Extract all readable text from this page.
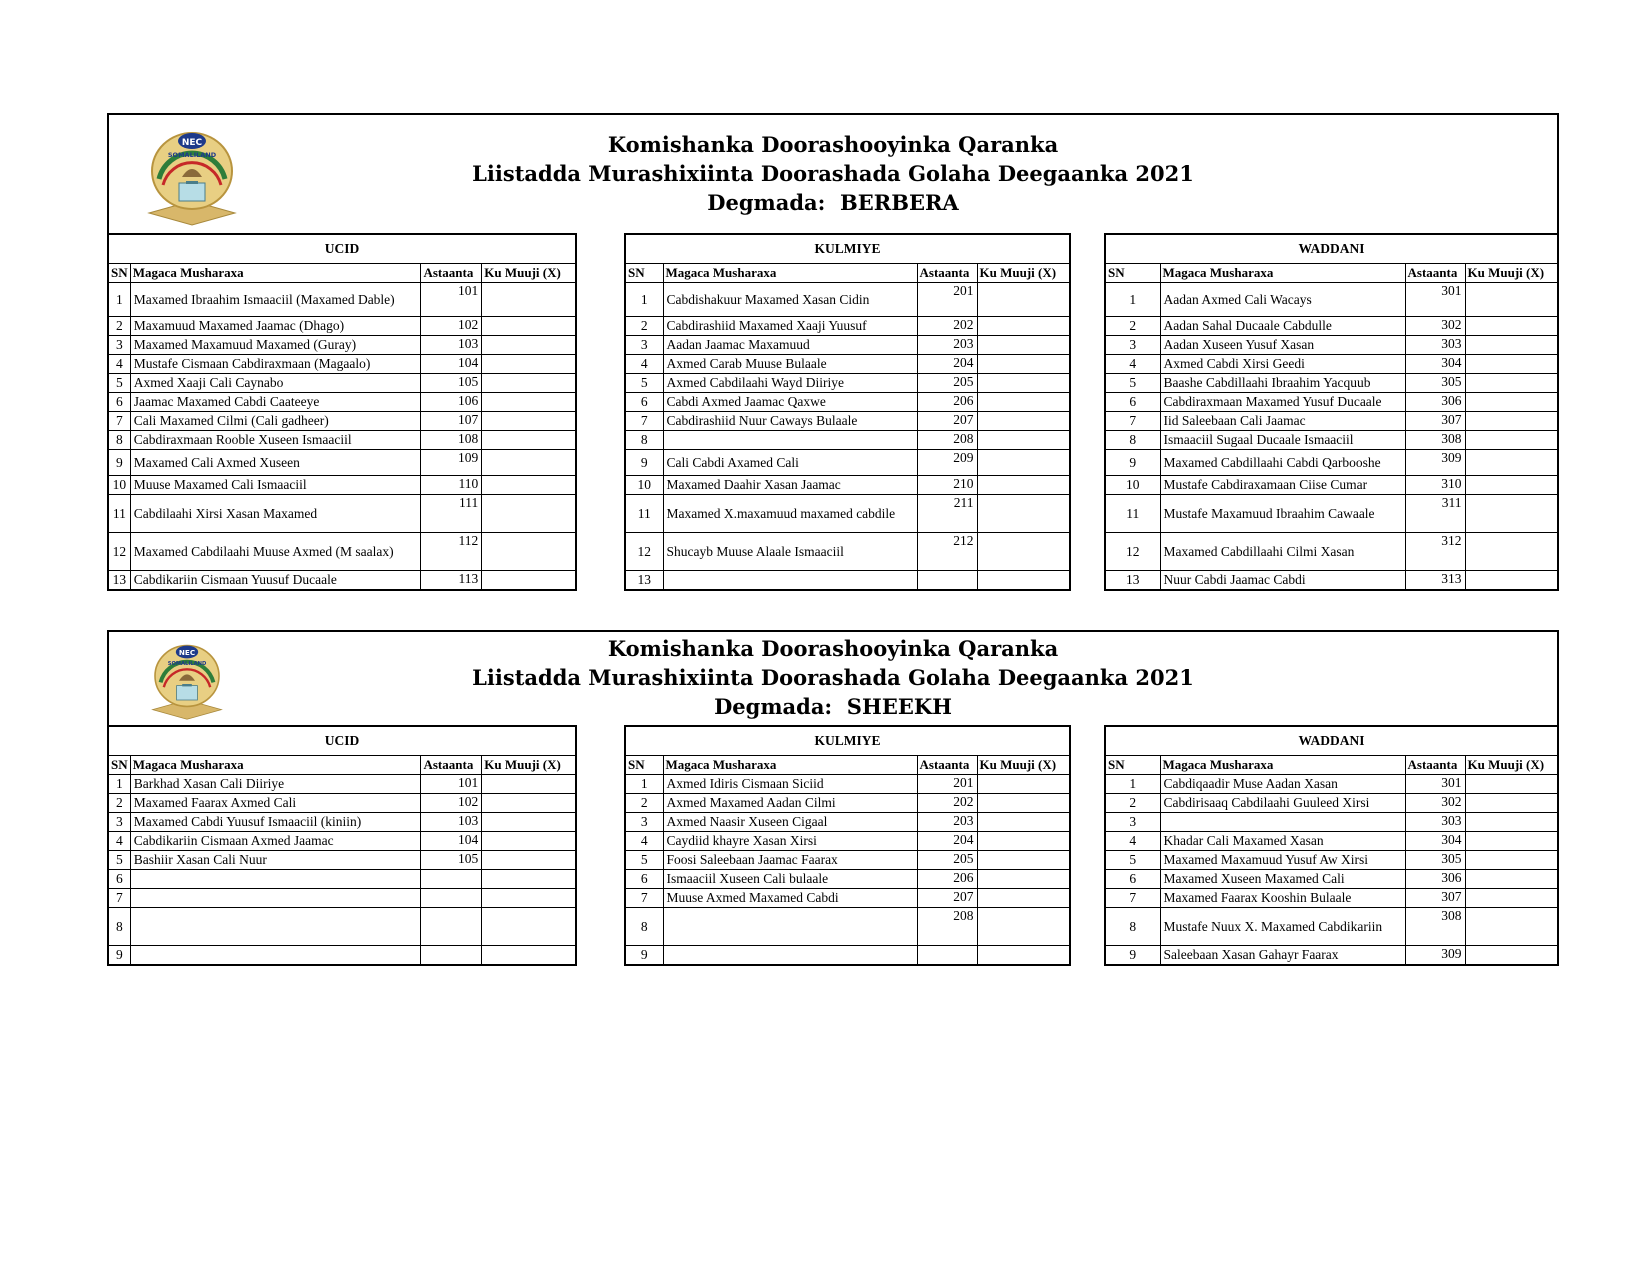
NEC
SOMALILAND	Komishanka Doorashooyinka Qaranka
Liistadda Murashixiinta Doorashada Golaha Deegaanka 2021
Degmada:  BERBERA
UCID			
SN	Magaca Musharaxa	Astaanta	Ku Muuji (X)
1	Maxamed Ibraahim Ismaaciil (Maxamed Dable)	101	
2	Maxamuud Maxamed Jaamac (Dhago)	102	
3	Maxamed Maxamuud Maxamed (Guray)	103	
4	Mustafe Cismaan Cabdiraxmaan (Magaalo)	104	
5	Axmed Xaaji Cali Caynabo	105	
6	Jaamac Maxamed Cabdi Caateeye	106	
7	Cali Maxamed Cilmi (Cali gadheer)	107	
8	Cabdiraxmaan Rooble Xuseen Ismaaciil	108	
9	Maxamed Cali Axmed Xuseen	109	
10	Muuse Maxamed Cali Ismaaciil	110	
11	Cabdilaahi Xirsi Xasan Maxamed	111	
12	Maxamed Cabdilaahi Muuse Axmed (M saalax)	112	
13	Cabdikariin Cismaan Yuusuf Ducaale	113	
KULMIYE			
SN	Magaca Musharaxa	Astaanta	Ku Muuji (X)
1	Cabdishakuur Maxamed Xasan Cidin	201	
2	Cabdirashiid Maxamed Xaaji Yuusuf	202	
3	Aadan Jaamac Maxamuud	203	
4	Axmed Carab Muuse Bulaale	204	
5	Axmed Cabdilaahi Wayd Diiriye	205	
6	Cabdi Axmed Jaamac Qaxwe	206	
7	Cabdirashiid Nuur Caways Bulaale	207	
8		208	
9	Cali Cabdi Axamed Cali	209	
10	Maxamed Daahir Xasan Jaamac	210	
11	Maxamed X.maxamuud maxamed cabdile	211	
12	Shucayb Muuse Alaale Ismaaciil	212	
13			
WADDANI			
SN	Magaca Musharaxa	Astaanta	Ku Muuji (X)
1	Aadan Axmed Cali Wacays	301	
2	Aadan Sahal Ducaale Cabdulle	302	
3	Aadan Xuseen Yusuf Xasan	303	
4	Axmed Cabdi Xirsi Geedi	304	
5	Baashe Cabdillaahi Ibraahim Yacquub	305	
6	Cabdiraxmaan Maxamed Yusuf Ducaale	306	
7	Iid Saleebaan Cali Jaamac	307	
8	Ismaaciil Sugaal Ducaale Ismaaciil	308	
9	Maxamed Cabdillaahi Cabdi Qarbooshe	309	
10	Mustafe Cabdiraxamaan Ciise Cumar	310	
11	Mustafe Maxamuud Ibraahim Cawaale	311	
12	Maxamed Cabdillaahi Cilmi Xasan	312	
13	Nuur Cabdi Jaamac Cabdi	313	
NEC
SOMALILAND
Komishanka Doorashooyinka Qaranka
Liistadda Murashixiinta Doorashada Golaha Deegaanka 2021
Degmada:  SHEEKH
UCID			
SN	Magaca Musharaxa	Astaanta	Ku Muuji (X)
1	Barkhad Xasan Cali Diiriye	101	
2	Maxamed Faarax Axmed Cali	102	
3	Maxamed Cabdi Yuusuf Ismaaciil (kiniin)	103	
4	Cabdikariin Cismaan Axmed Jaamac	104	
5	Bashiir Xasan Cali Nuur	105	
6			
7			
8			
9			
KULMIYE			
SN	Magaca Musharaxa	Astaanta	Ku Muuji (X)
1	Axmed Idiris Cismaan Siciid	201	
2	Axmed Maxamed Aadan Cilmi	202	
3	Axmed Naasir Xuseen Cigaal	203	
4	Caydiid khayre Xasan Xirsi	204	
5	Foosi Saleebaan Jaamac Faarax	205	
6	Ismaaciil Xuseen Cali bulaale	206	
7	Muuse Axmed Maxamed Cabdi	207	
8		208	
9			
WADDANI			
SN	Magaca Musharaxa	Astaanta	Ku Muuji (X)
1	Cabdiqaadir Muse Aadan Xasan	301	
2	Cabdirisaaq Cabdilaahi Guuleed Xirsi	302	
3		303	
4	Khadar Cali Maxamed Xasan	304	
5	Maxamed Maxamuud Yusuf Aw Xirsi	305	
6	Maxamed Xuseen Maxamed Cali	306	
7	Maxamed Faarax Kooshin Bulaale	307	
8	Mustafe Nuux X. Maxamed Cabdikariin	308	
9	Saleebaan Xasan Gahayr Faarax	309	
